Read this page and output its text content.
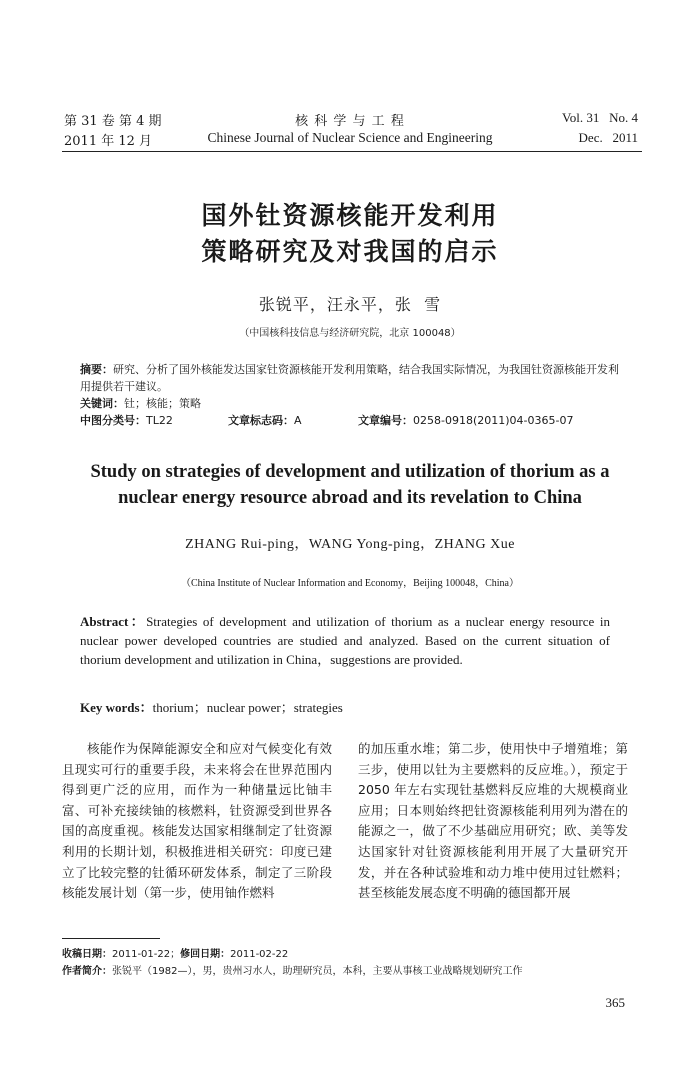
第 31 卷 第 4 期
2011 年 12 月
核 科 学 与 工 程
Chinese Journal of Nuclear Science and Engineering
Vol. 31   No. 4
Dec.   2011
国外钍资源核能开发利用
策略研究及对我国的启示
张锐平，汪永平，张  雪
（中国核科技信息与经济研究院，北京 100048）
摘要：研究、分析了国外核能发达国家钍资源核能开发利用策略，结合我国实际情况，为我国钍资源核能开发利用提供若干建议。
关键词：钍；核能；策略
中图分类号：TL22	文章标志码：A	文章编号：0258-0918(2011)04-0365-07
Study on strategies of development and utilization of thorium as a nuclear energy resource abroad and its revelation to China
ZHANG Rui-ping，WANG Yong-ping，ZHANG Xue
（China Institute of Nuclear Information and Economy，Beijing 100048，China）
Abstract：Strategies of development and utilization of thorium as a nuclear energy resource in nuclear power developed countries are studied and analyzed. Based on the current situation of thorium development and utilization in China，suggestions are provided.
Key words：thorium；nuclear power；strategies
核能作为保障能源安全和应对气候变化有效且现实可行的重要手段，未来将会在世界范围内得到更广泛的应用，而作为一种储量远比铀丰富、可补充接续铀的核燃料，钍资源受到世界各国的高度重视。核能发达国家相继制定了钍资源利用的长期计划，积极推进相关研究：印度已建立了比较完整的钍循环研发体系，制定了三阶段核能发展计划（第一步，使用铀作燃料
的加压重水堆；第二步，使用快中子增殖堆；第三步，使用以钍为主要燃料的反应堆。），预定于 2050 年左右实现钍基燃料反应堆的大规模商业应用；日本则始终把钍资源核能利用列为潜在的能源之一，做了不少基础应用研究；欧、美等发达国家针对钍资源核能利用开展了大量研究开发，并在各种试验堆和动力堆中使用过钍燃料；甚至核能发展态度不明确的德国都开展
收稿日期：2011-01-22；修回日期：2011-02-22
作者简介：张锐平（1982—），男，贵州习水人，助理研究员，本科，主要从事核工业战略规划研究工作
365
